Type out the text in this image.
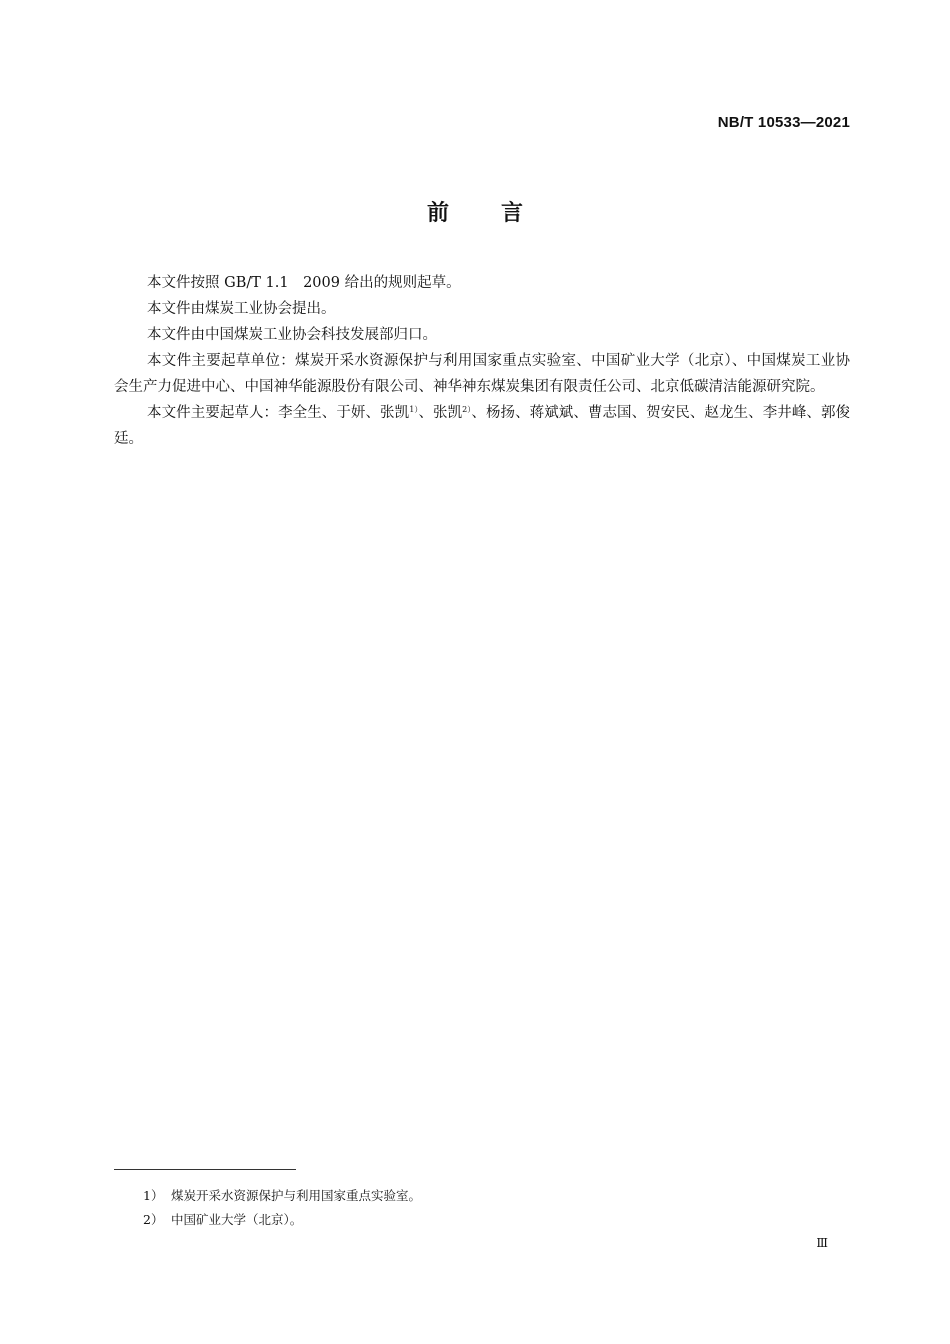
NB/T 10533—2021
前 言

本文件按照 GB/T 1.1　2009 给出的规则起草。

本文件由煤炭工业协会提出。

本文件由中国煤炭工业协会科技发展部归口。

本文件主要起草单位：煤炭开采水资源保护与利用国家重点实验室、中国矿业大学（北京）、中国煤炭工业协会生产力促进中心、中国神华能源股份有限公司、神华神东煤炭集团有限责任公司、北京低碳清洁能源研究院。

本文件主要起草人：李全生、于妍、张凯$^{1)}$、张凯$^{2)}$、杨扬、蒋斌斌、曹志国、贺安民、赵龙生、李井峰、郭俊廷。

1） 煤炭开采水资源保护与利用国家重点实验室。
2） 中国矿业大学（北京）。
Ⅲ
